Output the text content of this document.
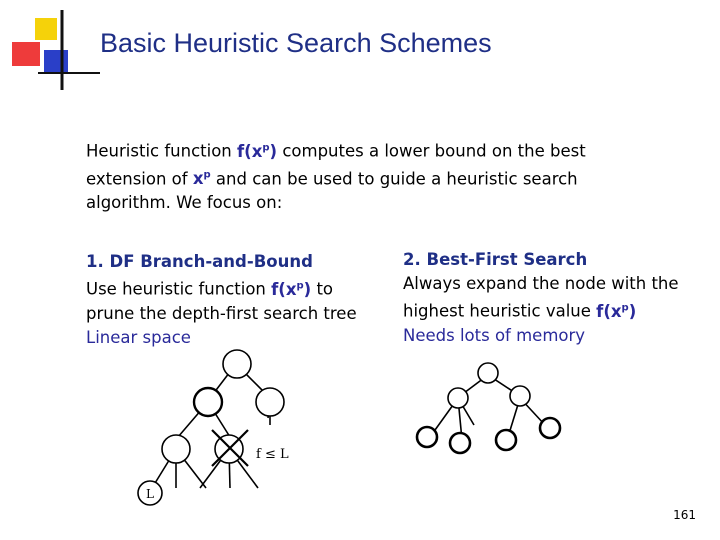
Basic Heuristic Search Schemes
Heuristic function $f(x^p)$ computes a lower bound on the best extension of $x^p$ and can be used to guide a heuristic search algorithm. We focus on:
1. DF Branch-and-Bound
Use heuristic function $f(x^p)$ to prune the depth-first search tree
Linear space
2. Best-First Search
Always expand the node with the highest heuristic value $f(x^p)$
Needs lots of memory
f ≤ L
L
161
